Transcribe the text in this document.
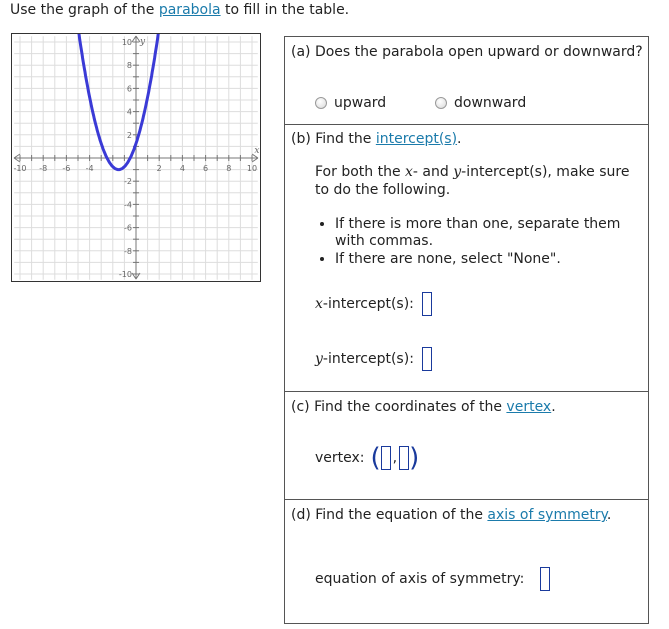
Use the graph of the parabola to fill in the table.
-10 -8 -6 -4	2 4 6 8 10
10
8
6
4
2
-2
-4
-6
-8
-10
x
y
(a) Does the parabola open upward or downward?
upward	downward
(b) Find the intercept(s).
For both the x- and y-intercept(s), make sure
to do the following.
• If there is more than one, separate them with commas.
• If there are none, select "None".
x -intercept(s):
y -intercept(s):
(c) Find the coordinates of the vertex.
vertex: ( , )
(d) Find the equation of the axis of symmetry.
equation of axis of symmetry:
